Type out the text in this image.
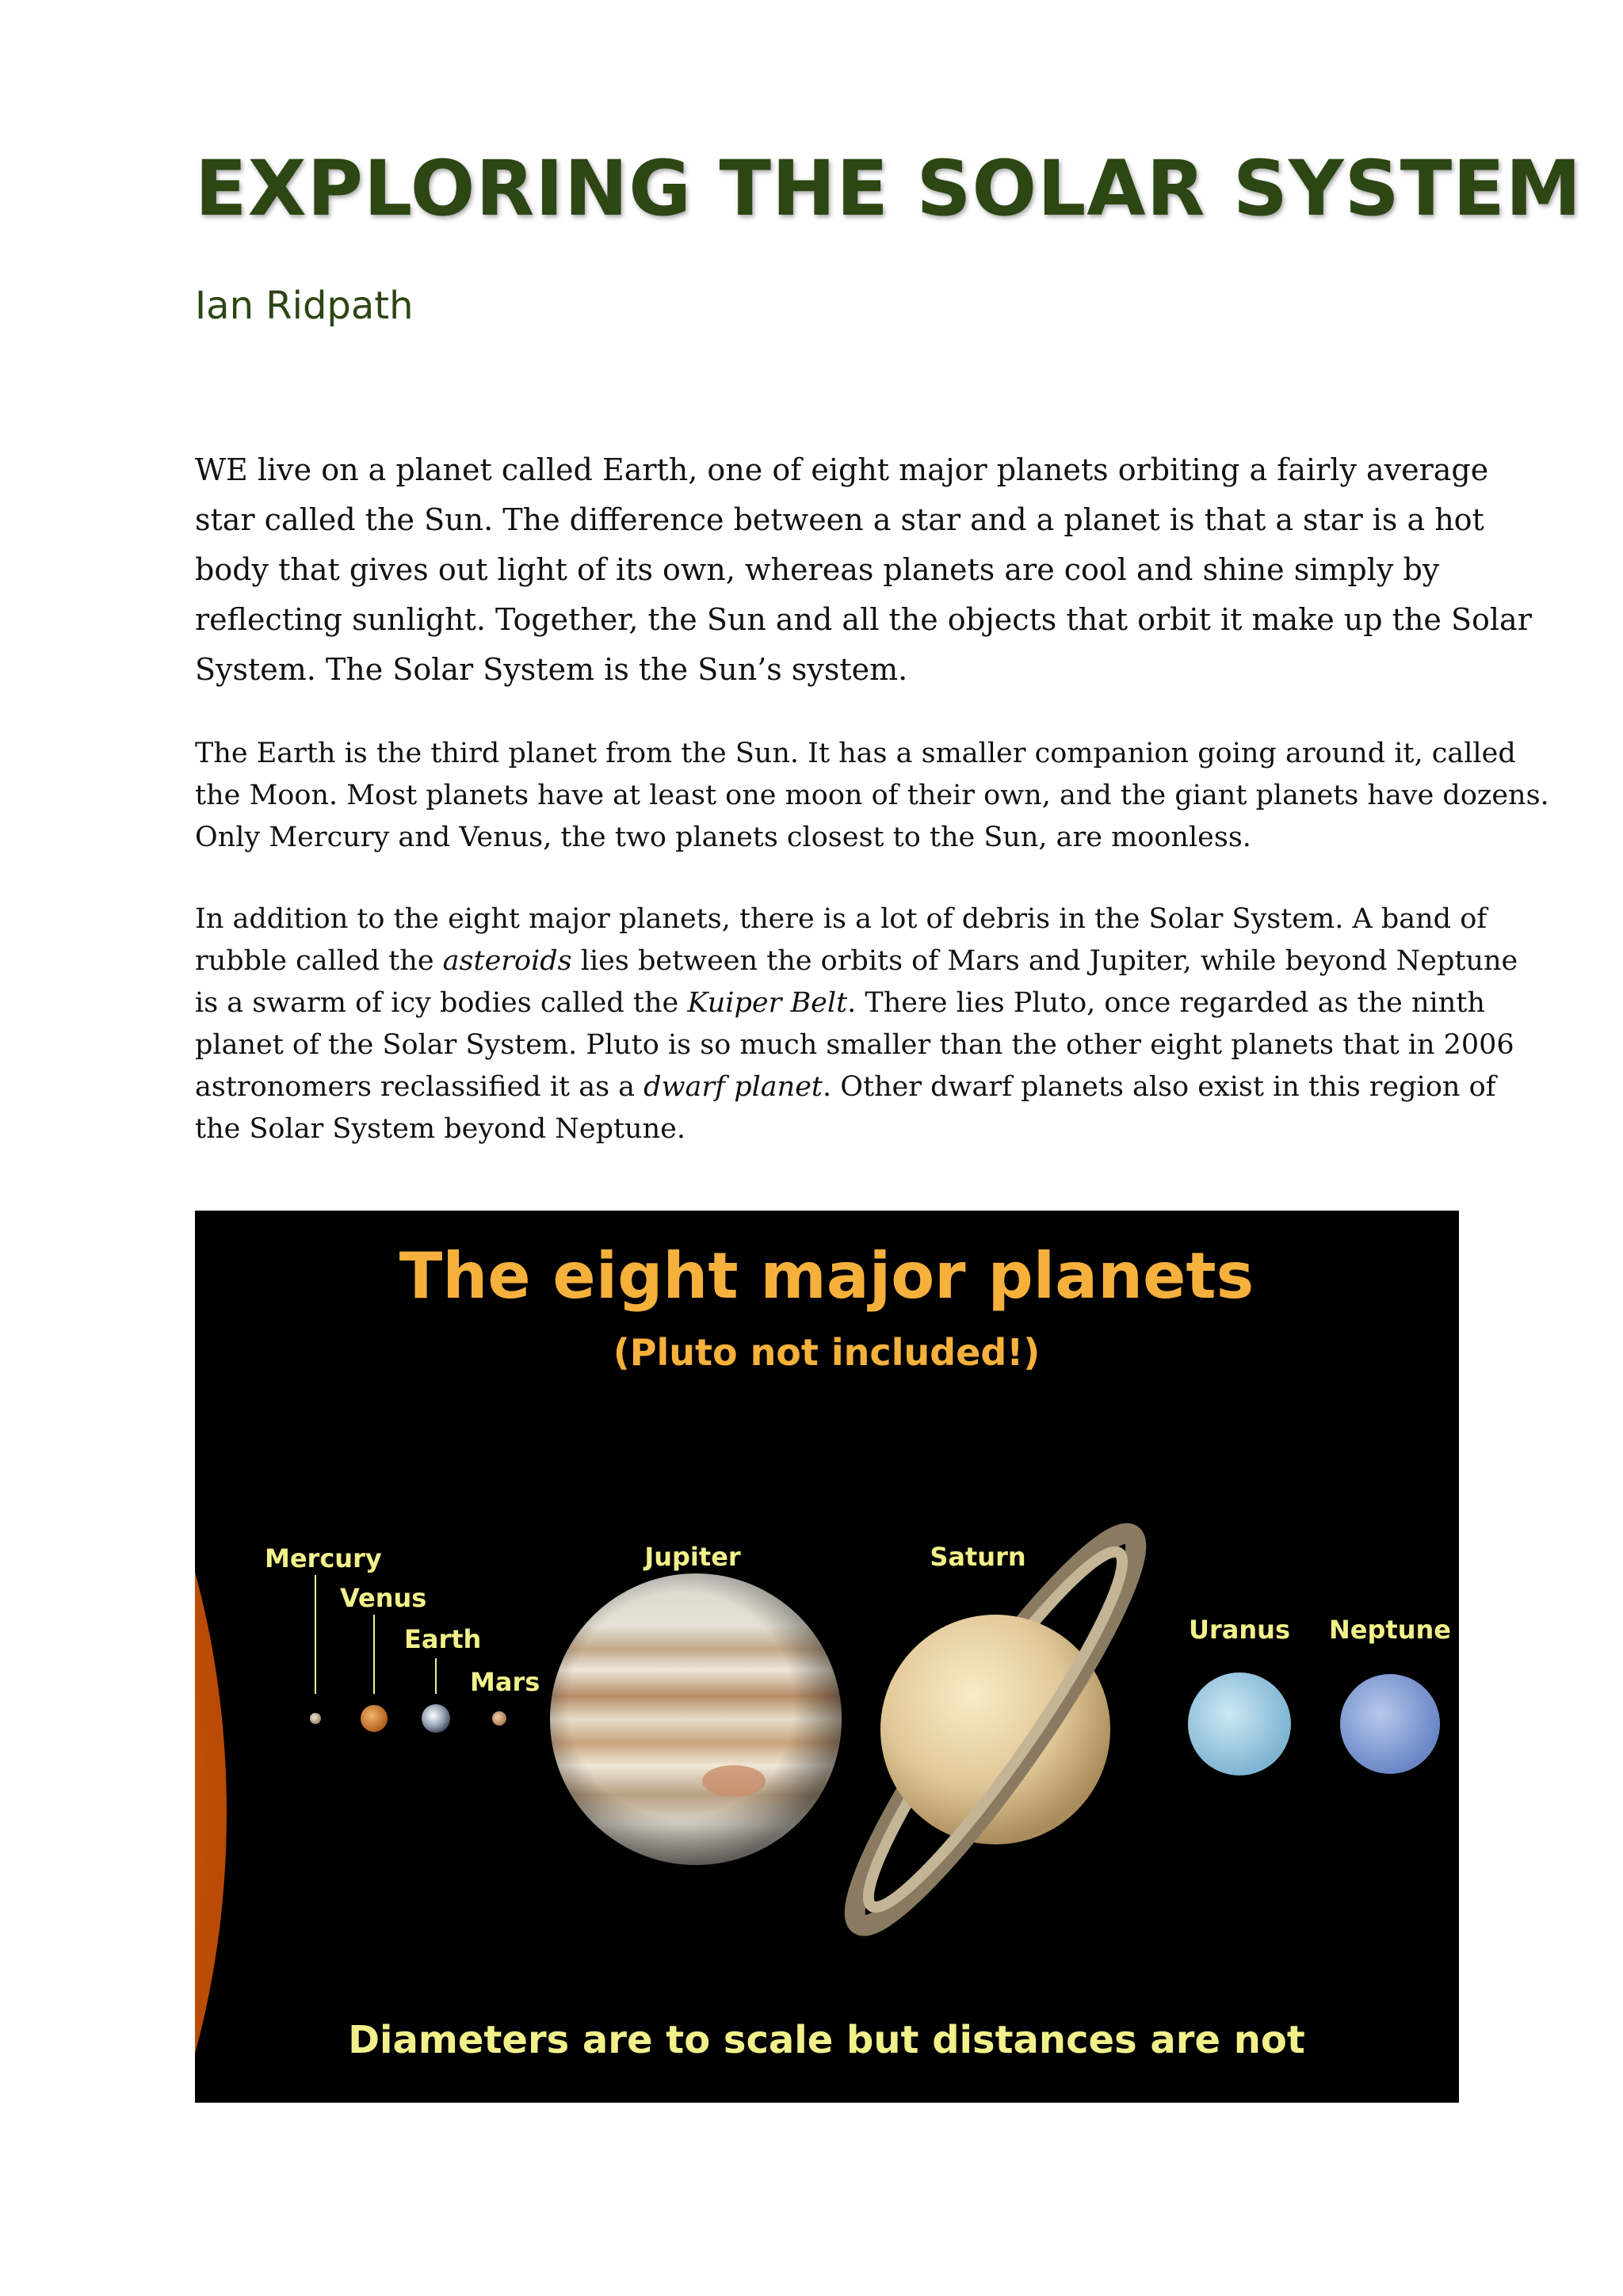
EXPLORING THE SOLAR SYSTEM
Ian Ridpath
WE live on a planet called Earth, one of eight major planets orbiting a fairly average
star called the Sun. The difference between a star and a planet is that a star is a hot
body that gives out light of its own, whereas planets are cool and shine simply by
reflecting sunlight. Together, the Sun and all the objects that orbit it make up the Solar
System. The Solar System is the Sun’s system.
The Earth is the third planet from the Sun. It has a smaller companion going around it, called
the Moon. Most planets have at least one moon of their own, and the giant planets have dozens.
Only Mercury and Venus, the two planets closest to the Sun, are moonless.
In addition to the eight major planets, there is a lot of debris in the Solar System. A band of
rubble called the asteroids lies between the orbits of Mars and Jupiter, while beyond Neptune
is a swarm of icy bodies called the Kuiper Belt. There lies Pluto, once regarded as the ninth
planet of the Solar System. Pluto is so much smaller than the other eight planets that in 2006
astronomers reclassified it as a dwarf planet. Other dwarf planets also exist in this region of
the Solar System beyond Neptune.
The eight major planets
(Pluto not included!)
Mercury
Venus
Earth
Mars
Jupiter	Saturn
Uranus Neptune
Diameters are to scale but distances are not
